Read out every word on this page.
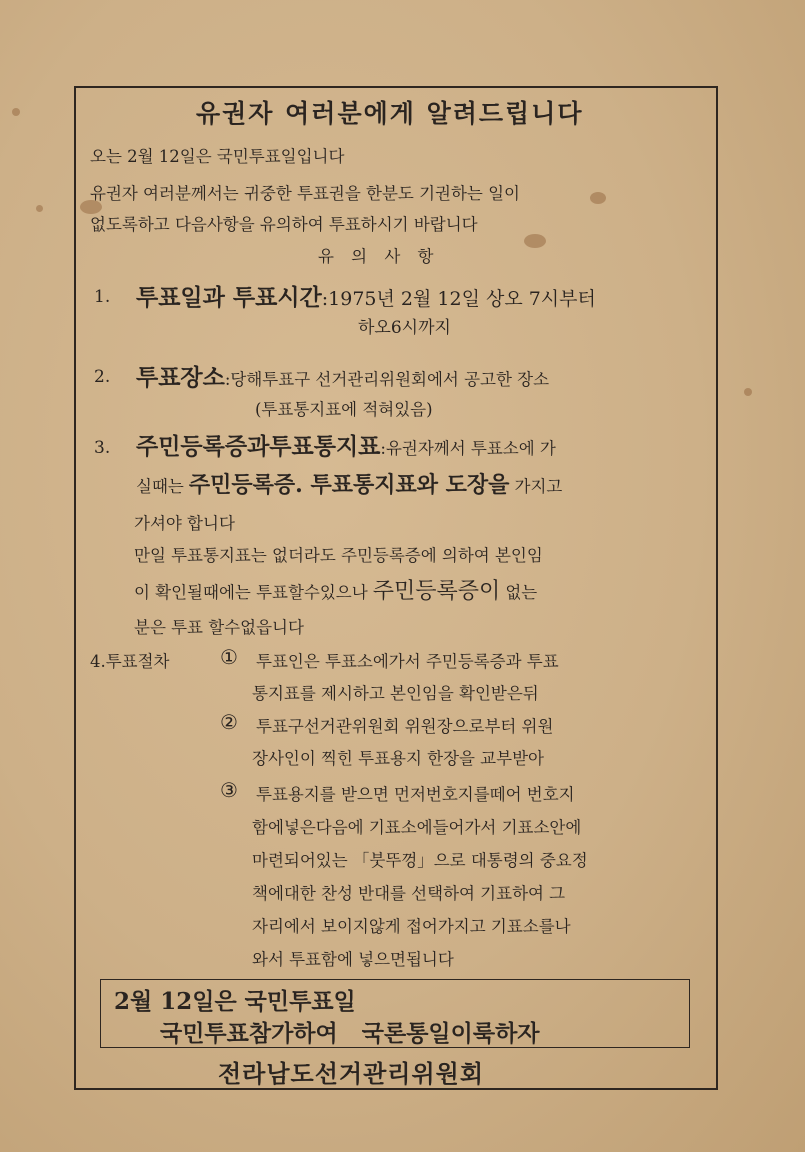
유권자 여러분에게 알려드립니다
오는 2월 12일은 국민투표일입니다
유권자 여러분께서는 귀중한 투표권을 한분도 기권하는 일이
없도록하고 다음사항을 유의하여 투표하시기 바랍니다
유 의 사 항
1. 투표일과 투표시간:1975년 2월 12일 상오 7시부터
하오6시까지
2. 투표장소:당해투표구 선거관리위원회에서 공고한 장소
(투표통지표에 적혀있음)
3. 주민등록증과투표통지표:유권자께서 투표소에 가
실때는 주민등록증. 투표통지표와 도장을 가지고
가셔야 합니다
만일 투표통지표는 없더라도 주민등록증에 의하여 본인임
이 확인될때에는 투표할수있으나 주민등록증이 없는
분은 투표 할수없읍니다
4.투표절차	① 투표인은 투표소에가서 주민등록증과 투표
통지표를 제시하고 본인임을 확인받은뒤
② 투표구선거관위원회 위원장으로부터 위원
장사인이 찍힌 투표용지 한장을 교부받아
③ 투표용지를 받으면 먼저번호지를떼어 번호지
함에넣은다음에 기표소에들어가서 기표소안에
마련되어있는 「붓뚜껑」으로 대통령의 중요정
책에대한 찬성 반대를 선택하여 기표하여 그
자리에서 보이지않게 접어가지고 기표소를나
와서 투표함에 넣으면됩니다
2월 12일은 국민투표일
국민투표참가하여   국론통일이룩하자
전라남도선거관리위원회
